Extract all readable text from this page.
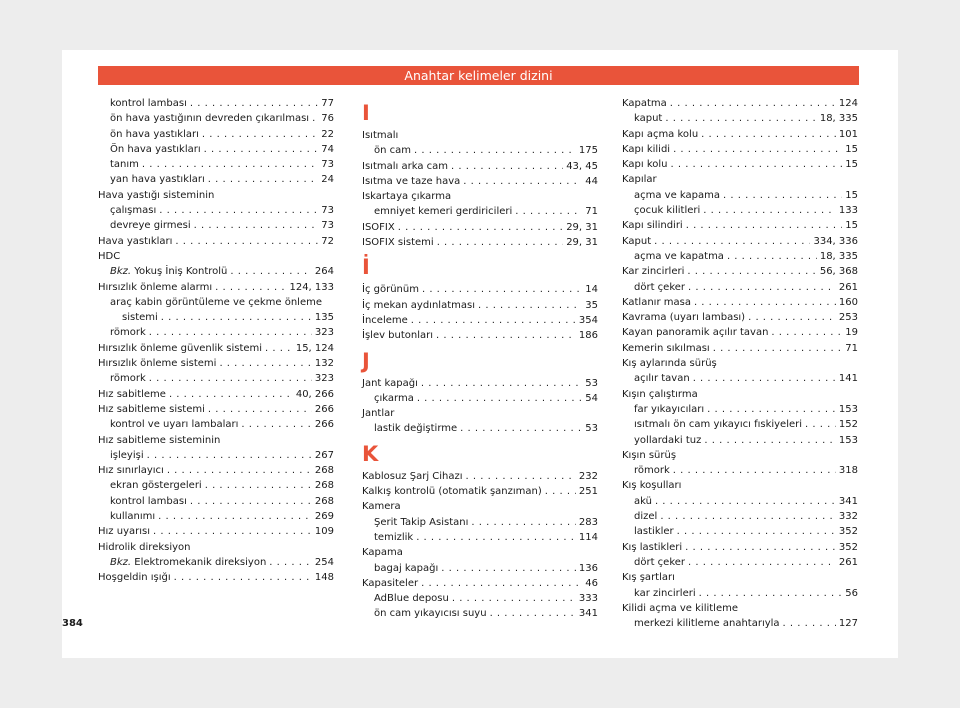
Anahtar kelimeler dizini
kontrol lambası . . .	77
ön hava yastığının devreden çıkarılması . . . 76
ön hava yastıkları . . .	22
Ön hava yastıkları . . .	74
tanım . . .	73
yan hava yastıkları . . .	24
Hava yastığı sisteminin
çalışması . . .	73
devreye girmesi . . .	73
Hava yastıkları . . .	72
HDC
Bkz. Yokuş İniş Kontrolü . . .	264
Hırsızlık önleme alarmı . . .	124, 133
araç kabin görüntüleme ve çekme önleme
sistemi . . .	135
römork . . .	323
Hırsızlık önleme güvenlik sistemi . . .	15, 124
Hırsızlık önleme sistemi . . .	132
römork . . .	323
Hız sabitleme . . .	40, 266
Hız sabitleme sistemi . . .	266
kontrol ve uyarı lambaları . . .	266
Hız sabitleme sisteminin
işleyişi . . .	267
Hız sınırlayıcı . . .	268
ekran göstergeleri . . .	268
kontrol lambası . . .	268
kullanımı . . .	269
Hız uyarısı . . .	109
Hidrolik direksiyon
Bkz. Elektromekanik direksiyon . . .	254
Hoşgeldin ışığı . . .	148
I
Isıtmalı
ön cam . . .	175
Isıtmalı arka cam . . .	43, 45
Isıtma ve taze hava . . .	44
Iskartaya çıkarma
emniyet kemeri gerdiricileri . . .	71
ISOFIX . . .	29, 31
ISOFIX sistemi . . .	29, 31
İ
İç görünüm . . .	14
İç mekan aydınlatması . . .	35
İnceleme . . .	354
İşlev butonları . . .	186
J
Jant kapağı . . .	53
çıkarma . . .	54
Jantlar
lastik değiştirme . . .	53
K
Kablosuz Şarj Cihazı . . .	232
Kalkış kontrolü (otomatik şanzıman) . . .	251
Kamera
Şerit Takip Asistanı . . .	283
temizlik . . .	114
Kapama
bagaj kapağı . . .	136
Kapasiteler . . .	46
AdBlue deposu . . .	333
ön cam yıkayıcısı suyu . . .	341
Kapatma . . .	124
kaput . . .	18, 335
Kapı açma kolu . . .	101
Kapı kilidi . . .	15
Kapı kolu . . .	15
Kapılar
açma ve kapama . . .	15
çocuk kilitleri . . .	133
Kapı silindiri . . .	15
Kaput . . .	334, 336
açma ve kapatma . . .	18, 335
Kar zincirleri . . .	56, 368
dört çeker . . .	261
Katlanır masa . . .	160
Kavrama (uyarı lambası) . . .	253
Kayan panoramik açılır tavan . . .	19
Kemerin sıkılması . . .	71
Kış aylarında sürüş
açılır tavan . . .	141
Kışın çalıştırma
far yıkayıcıları . . .	153
ısıtmalı ön cam yıkayıcı fıskiyeleri . . .	152
yollardaki tuz . . .	153
Kışın sürüş
römork . . .	318
Kış koşulları
akü . . .	341
dizel . . .	332
lastikler . . .	352
Kış lastikleri . . .	352
dört çeker . . .	261
Kış şartları
kar zincirleri . . .	56
Kilidi açma ve kilitleme
merkezi kilitleme anahtarıyla . . .	127
384
